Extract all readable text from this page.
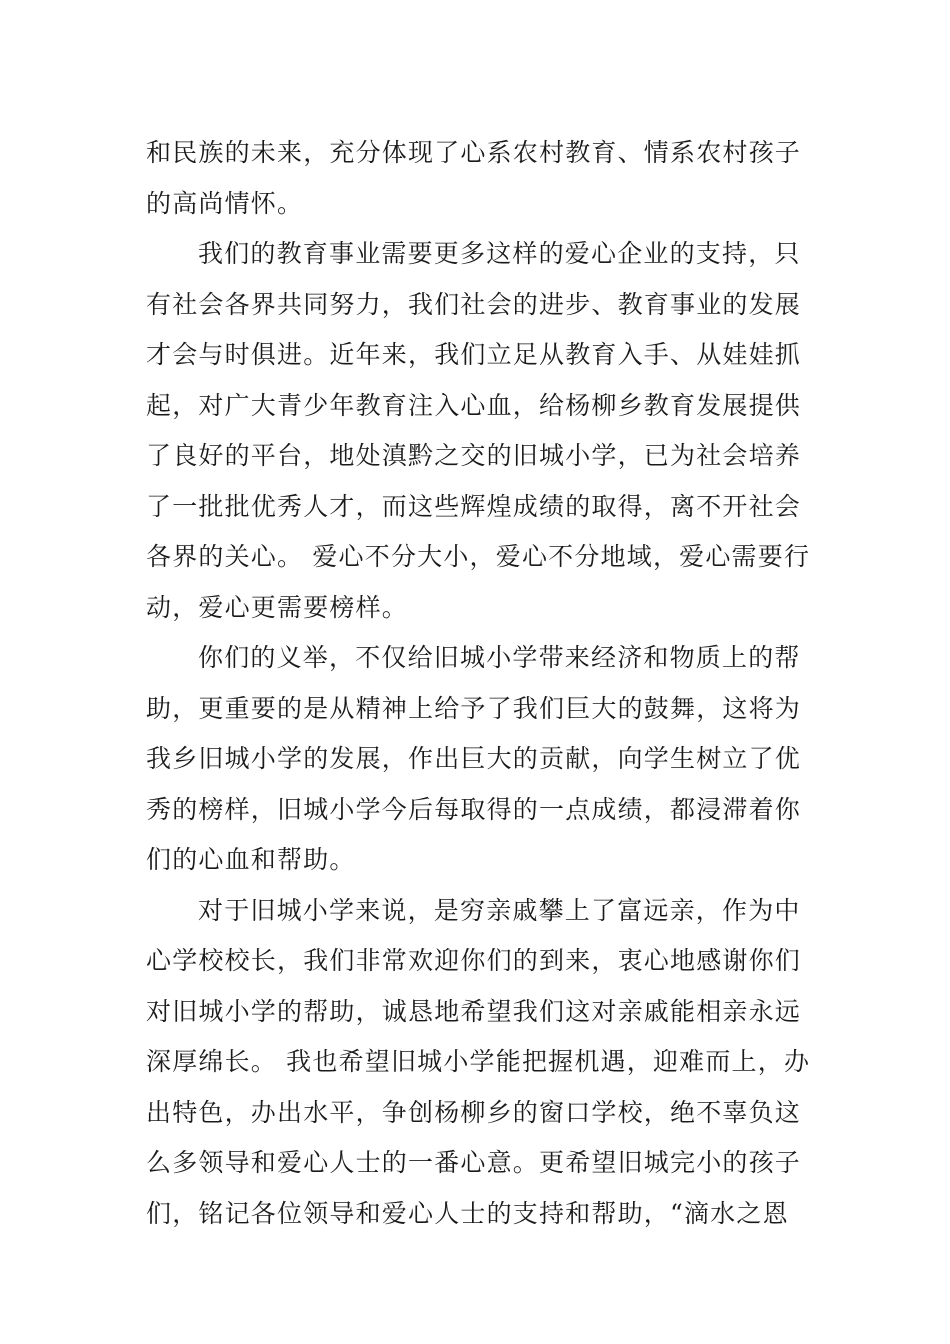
和民族的未来，充分体现了心系农村教育、情系农村孩子
的高尚情怀。
我们的教育事业需要更多这样的爱心企业的支持，只
有社会各界共同努力，我们社会的进步、教育事业的发展
才会与时俱进。近年来，我们立足从教育入手、从娃娃抓
起，对广大青少年教育注入心血，给杨柳乡教育发展提供
了良好的平台，地处滇黔之交的旧城小学，已为社会培养
了一批批优秀人才，而这些辉煌成绩的取得，离不开社会
各界的关心。 爱心不分大小，爱心不分地域，爱心需要行
动，爱心更需要榜样。
你们的义举，不仅给旧城小学带来经济和物质上的帮
助，更重要的是从精神上给予了我们巨大的鼓舞，这将为
我乡旧城小学的发展，作出巨大的贡献，向学生树立了优
秀的榜样，旧城小学今后每取得的一点成绩，都浸滞着你
们的心血和帮助。
对于旧城小学来说，是穷亲戚攀上了富远亲，作为中
心学校校长，我们非常欢迎你们的到来，衷心地感谢你们
对旧城小学的帮助，诚恳地希望我们这对亲戚能相亲永远
深厚绵长。 我也希望旧城小学能把握机遇，迎难而上，办
出特色，办出水平，争创杨柳乡的窗口学校，绝不辜负这
么多领导和爱心人士的一番心意。更希望旧城完小的孩子
们，铭记各位领导和爱心人士的支持和帮助，“滴水之恩
